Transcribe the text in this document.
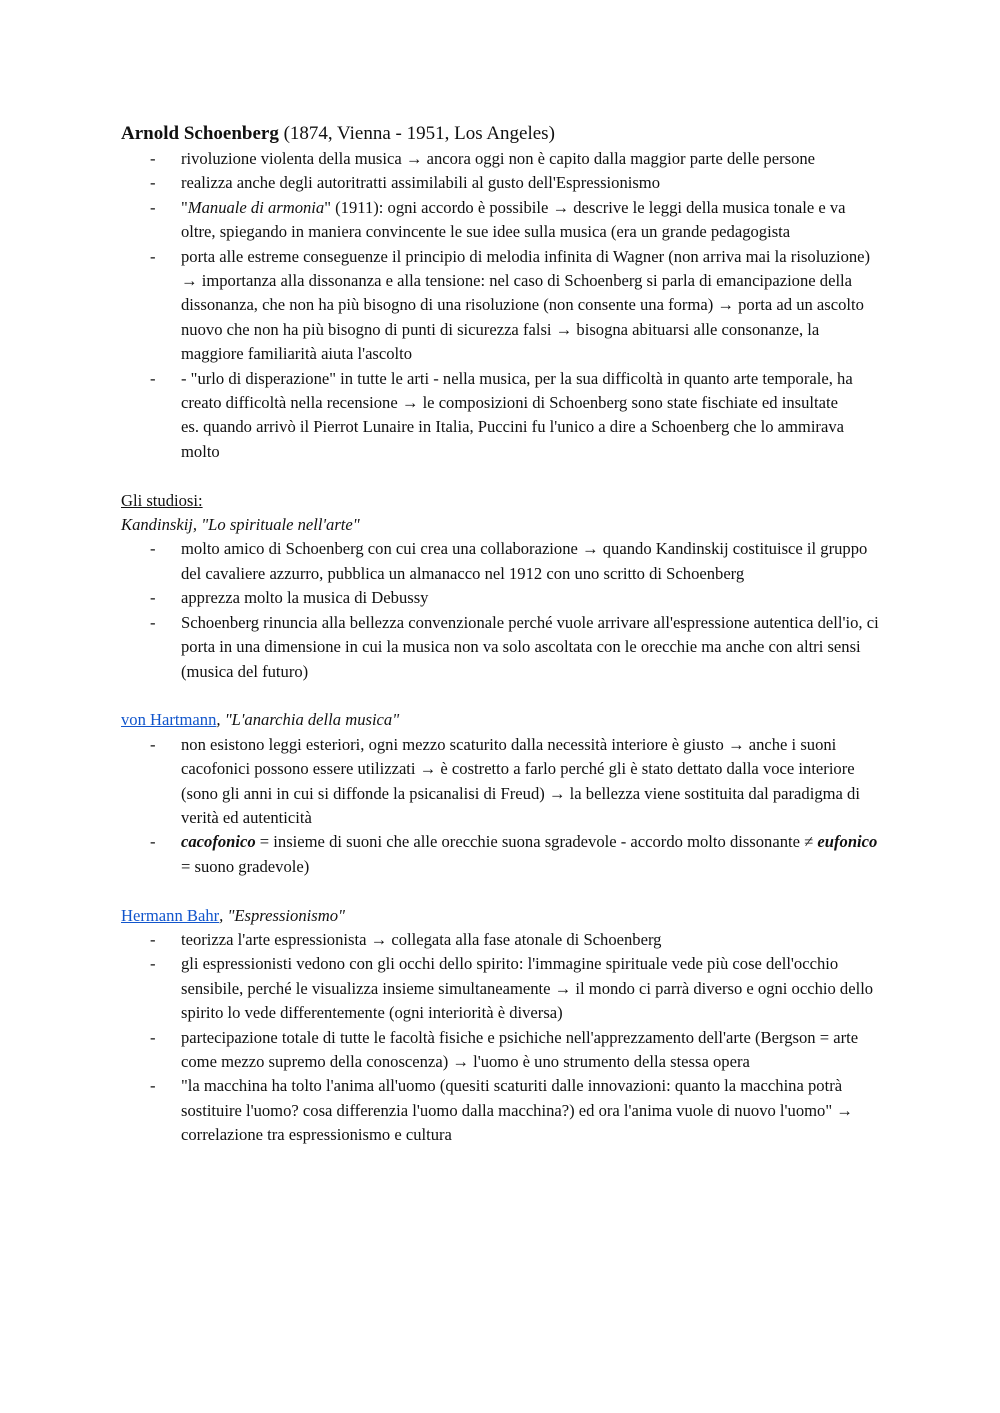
Arnold Schoenberg (1874, Vienna - 1951, Los Angeles)

- rivoluzione violenta della musica → ancora oggi non è capito dalla maggior parte delle persone
- realizza anche degli autoritratti assimilabili al gusto dell'Espressionismo
- "Manuale di armonia" (1911): ogni accordo è possibile → descrive le leggi della musica tonale e va oltre, spiegando in maniera convincente le sue idee sulla musica (era un grande pedagogista
- porta alle estreme conseguenze il principio di melodia infinita di Wagner (non arriva mai la risoluzione) → importanza alla dissonanza e alla tensione: nel caso di Schoenberg si parla di emancipazione della dissonanza, che non ha più bisogno di una risoluzione (non consente una forma) → porta ad un ascolto nuovo che non ha più bisogno di punti di sicurezza falsi → bisogna abituarsi alle consonanze, la maggiore familiarità aiuta l'ascolto
- - "urlo di disperazione" in tutte le arti - nella musica, per la sua difficoltà in quanto arte temporale, ha creato difficoltà nella recensione → le composizioni di Schoenberg sono state fischiate ed insultate
es. quando arrivò il Pierrot Lunaire in Italia, Puccini fu l'unico a dire a Schoenberg che lo ammirava molto

Gli studiosi:

Kandinskij, "Lo spirituale nell'arte"

- molto amico di Schoenberg con cui crea una collaborazione → quando Kandinskij costituisce il gruppo del cavaliere azzurro, pubblica un almanacco nel 1912 con uno scritto di Schoenberg
- apprezza molto la musica di Debussy
- Schoenberg rinuncia alla bellezza convenzionale perché vuole arrivare all'espressione autentica dell'io, ci porta in una dimensione in cui la musica non va solo ascoltata con le orecchie ma anche con altri sensi (musica del futuro)

von Hartmann, "L'anarchia della musica"

- non esistono leggi esteriori, ogni mezzo scaturito dalla necessità interiore è giusto → anche i suoni cacofonici possono essere utilizzati → è costretto a farlo perché gli è stato dettato dalla voce interiore (sono gli anni in cui si diffonde la psicanalisi di Freud) → la bellezza viene sostituita dal paradigma di verità ed autenticità
- cacofonico = insieme di suoni che alle orecchie suona sgradevole - accordo molto dissonante ≠ eufonico = suono gradevole)

Hermann Bahr, "Espressionismo"

- teorizza l'arte espressionista → collegata alla fase atonale di Schoenberg
- gli espressionisti vedono con gli occhi dello spirito: l'immagine spirituale vede più cose dell'occhio sensibile, perché le visualizza insieme simultaneamente → il mondo ci parrà diverso e ogni occhio dello spirito lo vede differentemente (ogni interiorità è diversa)
- partecipazione totale di tutte le facoltà fisiche e psichiche nell'apprezzamento dell'arte (Bergson = arte come mezzo supremo della conoscenza) → l'uomo è uno strumento della stessa opera
- "la macchina ha tolto l'anima all'uomo (quesiti scaturiti dalle innovazioni: quanto la macchina potrà sostituire l'uomo? cosa differenzia l'uomo dalla macchina?) ed ora l'anima vuole di nuovo l'uomo" → correlazione tra espressionismo e cultura
